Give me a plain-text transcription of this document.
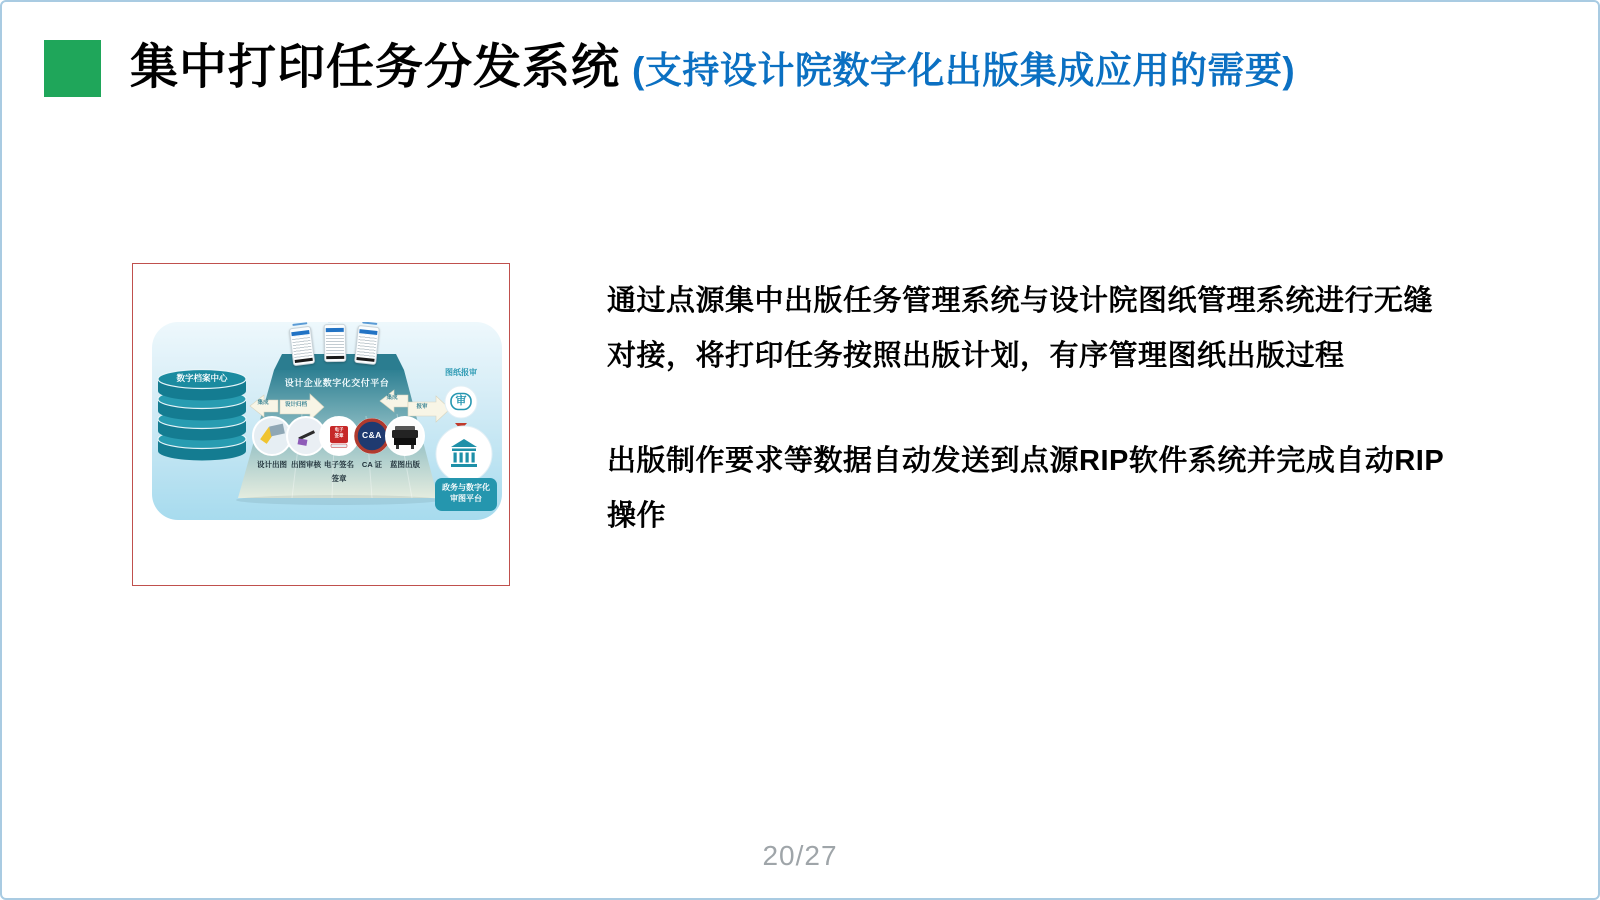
集中打印任务分发系统 (支持设计院数字化出版集成应用的需要)
数字档案中心	设计企业数字化交付平台
集成	设计归档
集成
报审
电子
签章	C&A
设计出图 出图审核 电子签名	CA 证	蓝图出版
签章
图纸报审
审
政务与数字化
审图平台
通过点源集中出版任务管理系统与设计院图纸管理系统进行无缝
对接，将打印任务按照出版计划，有序管理图纸出版过程
出版制作要求等数据自动发送到点源RIP软件系统并完成自动RIP
操作
20/27
